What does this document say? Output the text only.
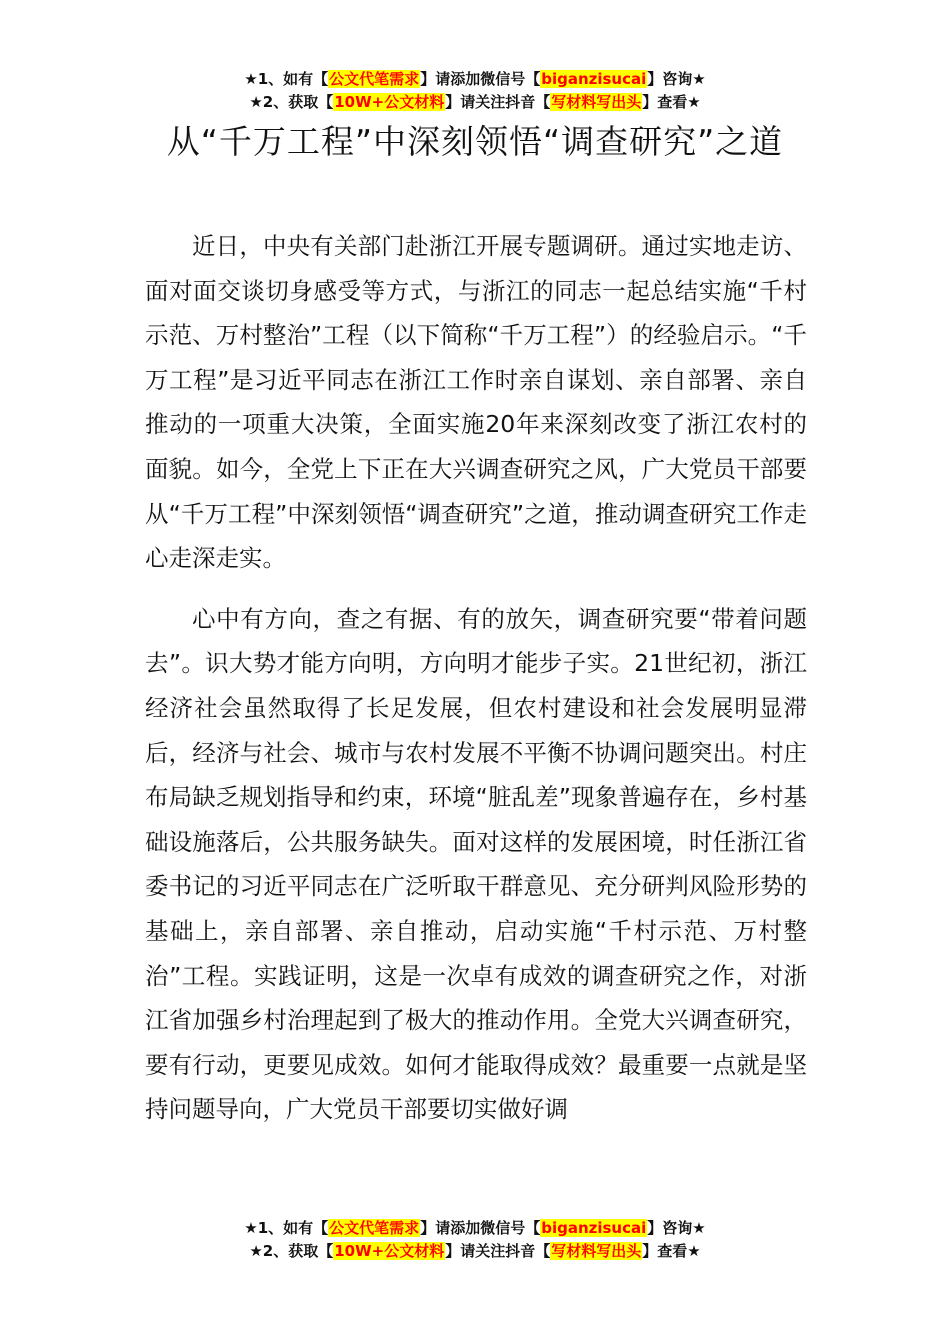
★1、如有【公文代笔需求】请添加微信号【biganzisucai】咨询★
★2、获取【10W+公文材料】请关注抖音【写材料写出头】查看★
从“千万工程”中深刻领悟“调查研究”之道

近日，中央有关部门赴浙江开展专题调研。通过实地走访、面对面交谈切身感受等方式，与浙江的同志一起总结实施“千村示范、万村整治”工程（以下简称“千万工程”）的经验启示。“千万工程”是习近平同志在浙江工作时亲自谋划、亲自部署、亲自推动的一项重大决策，全面实施20年来深刻改变了浙江农村的面貌。如今，全党上下正在大兴调查研究之风，广大党员干部要从“千万工程”中深刻领悟“调查研究”之道，推动调查研究工作走心走深走实。

心中有方向，查之有据、有的放矢，调查研究要“带着问题去”。识大势才能方向明，方向明才能步子实。21世纪初，浙江经济社会虽然取得了长足发展，但农村建设和社会发展明显滞后，经济与社会、城市与农村发展不平衡不协调问题突出。村庄布局缺乏规划指导和约束，环境“脏乱差”现象普遍存在，乡村基础设施落后，公共服务缺失。面对这样的发展困境，时任浙江省委书记的习近平同志在广泛听取干群意见、充分研判风险形势的基础上，亲自部署、亲自推动，启动实施“千村示范、万村整治”工程。实践证明，这是一次卓有成效的调查研究之作，对浙江省加强乡村治理起到了极大的推动作用。全党大兴调查研究，要有行动，更要见成效。如何才能取得成效？最重要一点就是坚持问题导向，广大党员干部要切实做好调

★1、如有【公文代笔需求】请添加微信号【biganzisucai】咨询★
★2、获取【10W+公文材料】请关注抖音【写材料写出头】查看★
